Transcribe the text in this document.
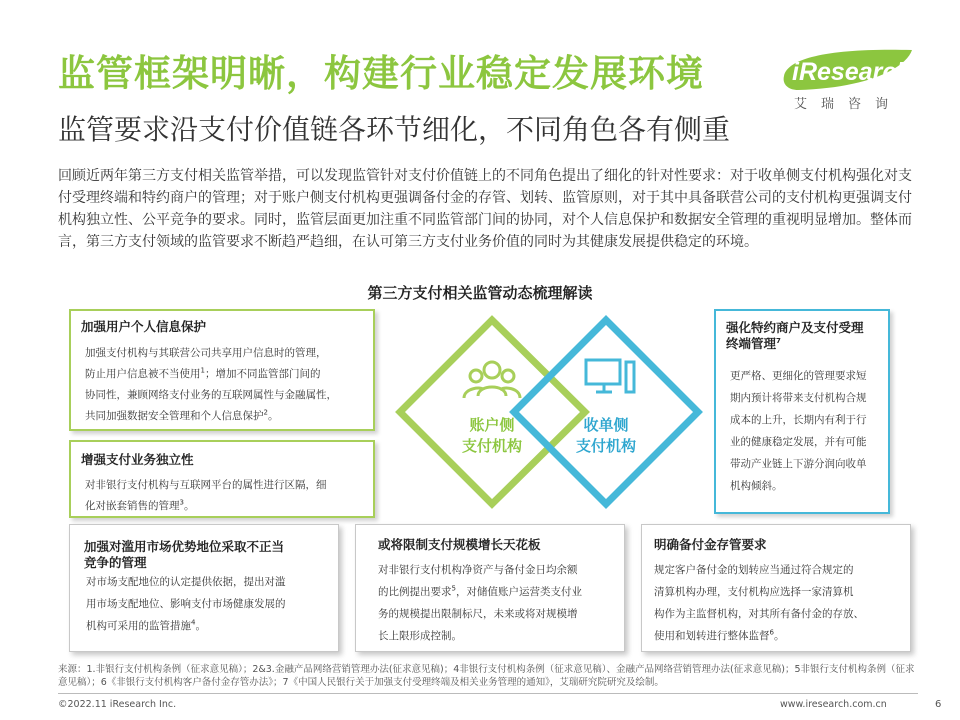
监管框架明晰，构建行业稳定发展环境
监管要求沿支付价值链各环节细化，不同角色各有侧重
iResearch
艾瑞咨询
回顾近两年第三方支付相关监管举措，可以发现监管针对支付价值链上的不同角色提出了细化的针对性要求：对于收单侧支付机构强化对支付受理终端和特约商户的管理；对于账户侧支付机构更强调备付金的存管、划转、监管原则，对于其中具备联营公司的支付机构更强调支付机构独立性、公平竞争的要求。同时，监管层面更加注重不同监管部门间的协同，对个人信息保护和数据安全管理的重视明显增加。整体而言，第三方支付领域的监管要求不断趋严趋细，在认可第三方支付业务价值的同时为其健康发展提供稳定的环境。
第三方支付相关监管动态梳理解读
加强用户个人信息保护

加强支付机构与其联营公司共享用户信息时的管理，

防止用户信息被不当使用$^1$；增加不同监管部门间的

协同性，兼顾网络支付业务的互联网属性与金融属性，

共同加强数据安全管理和个人信息保护$^2$。

增强支付业务独立性

对非银行支付机构与互联网平台的属性进行区隔，细

化对嵌套销售的管理$^3$。

强化特约商户及支付受理
终端管理$^7$

更严格、更细化的管理要求短

期内预计将带来支付机构合规

成本的上升，长期内有利于行

业的健康稳定发展，并有可能

带动产业链上下游分润向收单

机构倾斜。

加强对滥用市场优势地位采取不正当
竞争的管理

对市场支配地位的认定提供依据，提出对滥

用市场支配地位、影响支付市场健康发展的

机构可采用的监管措施$^4$。

或将限制支付规模增长天花板

对非银行支付机构净资产与备付金日均余额

的比例提出要求$^5$，对储值账户运营类支付业

务的规模提出限制标尺，未来或将对规模增

长上限形成控制。

明确备付金存管要求

规定客户备付金的划转应当通过符合规定的

清算机构办理，支付机构应选择一家清算机

构作为主监督机构，对其所有备付金的存放、

使用和划转进行整体监督$^6$。

账户侧
支付机构
收单侧
支付机构
来源：1.非银行支付机构条例（征求意见稿）；2&3.金融产品网络营销管理办法(征求意见稿)；4非银行支付机构条例（征求意见稿）、金融产品网络营销管理办法(征求意见稿)；5非银行支付机构条例（征求意见稿）；6《非银行支付机构客户备付金存管办法》；7《中国人民银行关于加强支付受理终端及相关业务管理的通知》，艾瑞研究院研究及绘制。
©2022.11 iResearch Inc.	www.iresearch.com.cn	6
